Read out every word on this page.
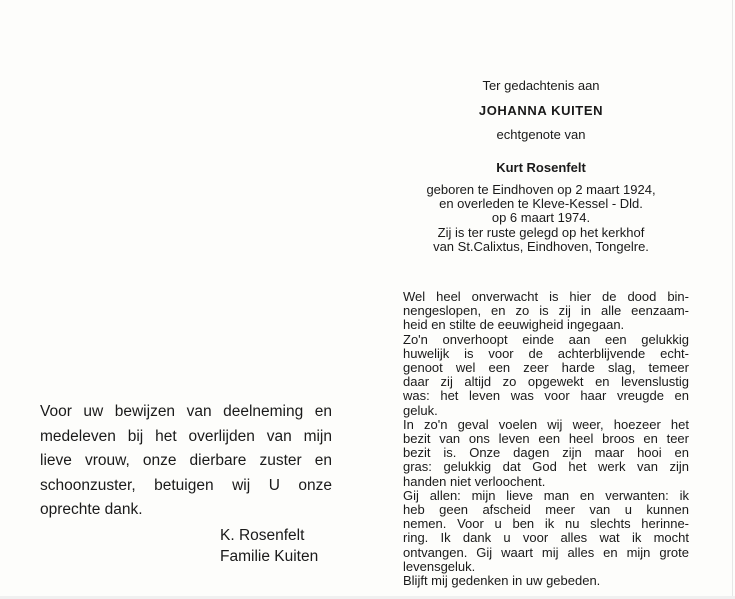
Ter gedachtenis aan
JOHANNA KUITEN
echtgenote van
Kurt Rosenfelt
geboren te Eindhoven op 2 maart 1924,
en overleden te Kleve-Kessel - Dld.
op 6 maart 1974.
Zij is ter ruste gelegd op het kerkhof
van St.Calixtus, Eindhoven, Tongelre.
Wel heel onverwacht is hier de dood bin-
nengeslopen, en zo is zij in alle eenzaam-
heid en stilte de eeuwigheid ingegaan.
Zo'n onverhoopt einde aan een gelukkig
huwelijk is voor de achterblijvende echt-
genoot wel een zeer harde slag, temeer
daar zij altijd zo opgewekt en levenslustig
was: het leven was voor haar vreugde en
geluk.
In zo'n geval voelen wij weer, hoezeer het
bezit van ons leven een heel broos en teer
bezit is. Onze dagen zijn maar hooi en
gras: gelukkig dat God het werk van zijn
handen niet verloochent.
Gij allen: mijn lieve man en verwanten: ik
heb geen afscheid meer van u kunnen
nemen. Voor u ben ik nu slechts herinne-
ring. Ik dank u voor alles wat ik mocht
ontvangen. Gij waart mij alles en mijn grote
levensgeluk.
Blijft mij gedenken in uw gebeden.
Voor uw bewijzen van deelneming en
medeleven bij het overlijden van mijn
lieve vrouw, onze dierbare zuster en
schoonzuster, betuigen wij U onze
oprechte dank.
K. Rosenfelt
Familie Kuiten
